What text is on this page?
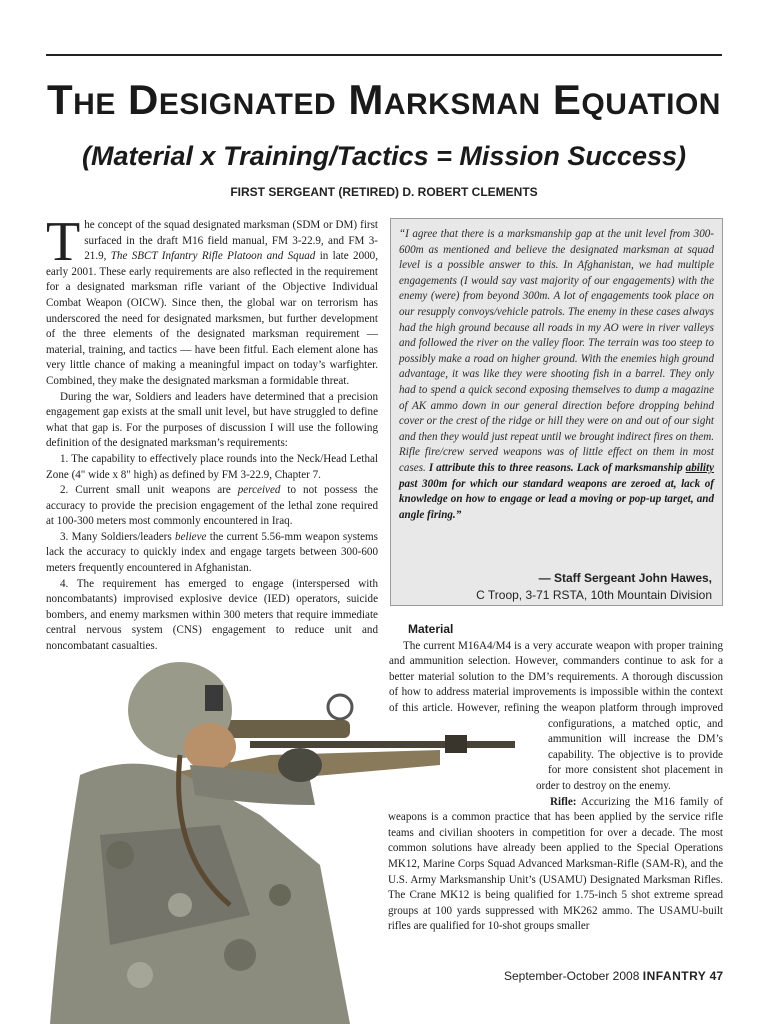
THE DESIGNATED MARKSMAN EQUATION
(Material x Training/Tactics = Mission Success)
FIRST SERGEANT (RETIRED) D. ROBERT CLEMENTS

The concept of the squad designated marksman (SDM or DM) first surfaced in the draft M16 field manual, FM 3-22.9, and FM 3-21.9, The SBCT Infantry Rifle Platoon and Squad in late 2000, early 2001. These early requirements are also reflected in the requirement for a designated marksman rifle variant of the Objective Individual Combat Weapon (OICW). Since then, the global war on terrorism has underscored the need for designated marksmen, but further development of the three elements of the designated marksman requirement — material, training, and tactics — have been fitful. Each element alone has very little chance of making a meaningful impact on today’s warfighter. Combined, they make the designated marksman a formidable threat.

During the war, Soldiers and leaders have determined that a precision engagement gap exists at the small unit level, but have struggled to define what that gap is. For the purposes of discussion I will use the following definition of the designated marksman’s requirements:

1. The capability to effectively place rounds into the Neck/Head Lethal Zone (4" wide x 8" high) as defined by FM 3-22.9, Chapter 7.

2. Current small unit weapons are perceived to not possess the accuracy to provide the precision engagement of the lethal zone required at 100-300 meters most commonly encountered in Iraq.

3. Many Soldiers/leaders believe the current 5.56-mm weapon systems lack the accuracy to quickly index and engage targets between 300-600 meters frequently encountered in Afghanistan.

4. The requirement has emerged to engage (interspersed with noncombatants) improvised explosive device (IED) operators, suicide bombers, and enemy marksmen within 300 meters that require immediate central nervous system (CNS) engagement to reduce unit and noncombatant casualties.

“I agree that there is a marksmanship gap at the unit level from 300-600m as mentioned and believe the designated marksman at squad level is a possible answer to this. In Afghanistan, we had multiple engagements (I would say vast majority of our engagements) with the enemy (were) from beyond 300m. A lot of engagements took place on our resupply convoys/vehicle patrols. The enemy in these cases always had the high ground because all roads in my AO were in river valleys and followed the river on the valley floor. The terrain was too steep to possibly make a road on higher ground. With the enemies high ground advantage, it was like they were shooting fish in a barrel. They only had to spend a quick second exposing themselves to dump a magazine of AK ammo down in our general direction before dropping behind cover or the crest of the ridge or hill they were on and out of our sight and then they would just repeat until we brought indirect fires on them. Rifle fire/crew served weapons was of little effect on them in most cases. I attribute this to three reasons. Lack of marksmanship ability past 300m for which our standard weapons are zeroed at, lack of knowledge on how to engage or lead a moving or pop-up target, and angle firing.”

— Staff Sergeant John Hawes,
C Troop, 3-71 RSTA, 10th Mountain Division
Material

The current M16A4/M4 is a very accurate weapon with proper training and ammunition selection. However, commanders continue to ask for a better material solution to the DM’s requirements. A thorough discussion of how to address material improvements is impossible within the context of this article. However, refining the weapon platform through improved configurations, a matched optic, and ammunition will increase the DM’s capability. The objective is to provide for more consistent shot placement in order to destroy on the enemy.

Rifle: Accurizing the M16 family of weapons is a common practice that has been applied by the service rifle teams and civilian shooters in competition for over a decade. The most common solutions have already been applied to the Special Operations MK12, Marine Corps Squad Advanced Marksman-Rifle (SAM-R), and the U.S. Army Marksmanship Unit’s (USAMU) Designated Marksman Rifles. The Crane MK12 is being qualified for 1.75-inch 5 shot extreme spread groups at 100 yards suppressed with MK262 ammo. The USAMU-built rifles are qualified for 10-shot groups smaller

September-October 2008 INFANTRY 47
